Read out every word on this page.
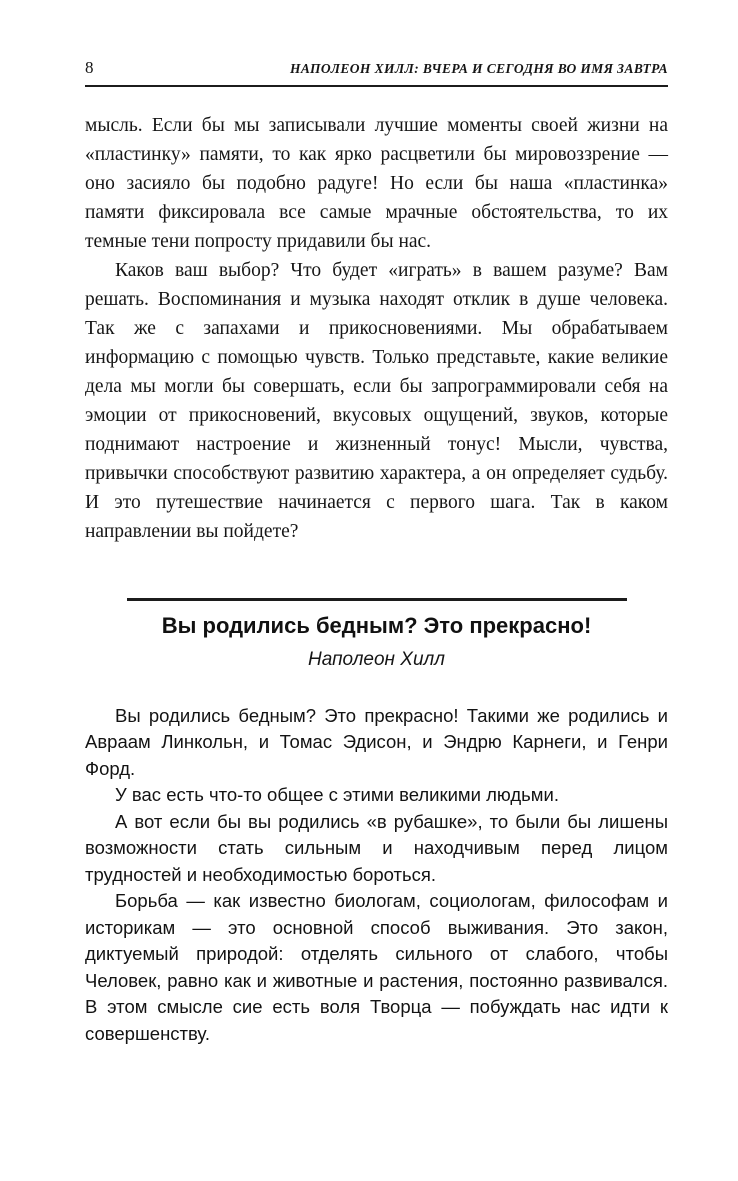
8	НАПОЛЕОН ХИЛЛ: ВЧЕРА И СЕГОДНЯ ВО ИМЯ ЗАВТРА

мысль. Если бы мы записывали лучшие моменты своей жизни на «пластинку» памяти, то как ярко расцветили бы мировоззрение — оно засияло бы подобно радуге! Но если бы наша «пластинка» памяти фиксировала все самые мрачные обстоятельства, то их темные тени попросту придавили бы нас.

Каков ваш выбор? Что будет «играть» в вашем разуме? Вам решать. Воспоминания и музыка находят отклик в душе человека. Так же с запахами и прикосновениями. Мы обрабатываем информацию с помощью чувств. Только представьте, какие великие дела мы могли бы совершать, если бы запрограммировали себя на эмоции от прикосновений, вкусовых ощущений, звуков, которые поднимают настроение и жизненный тонус! Мысли, чувства, привычки способствуют развитию характера, а он определяет судьбу. И это путешествие начинается с первого шага. Так в каком направлении вы пойдете?

Вы родились бедным? Это прекрасно!
Наполеон Хилл

Вы родились бедным? Это прекрасно! Такими же родились и Авраам Линкольн, и Томас Эдисон, и Эндрю Карнеги, и Генри Форд.

У вас есть что-то общее с этими великими людьми.

А вот если бы вы родились «в рубашке», то были бы лишены возможности стать сильным и находчивым перед лицом трудностей и необходимостью бороться.

Борьба — как известно биологам, социологам, философам и историкам — это основной способ выживания. Это закон, диктуемый природой: отделять сильного от слабого, чтобы Человек, равно как и животные и растения, постоянно развивался. В этом смысле сие есть воля Творца — побуждать нас идти к совершенству.
